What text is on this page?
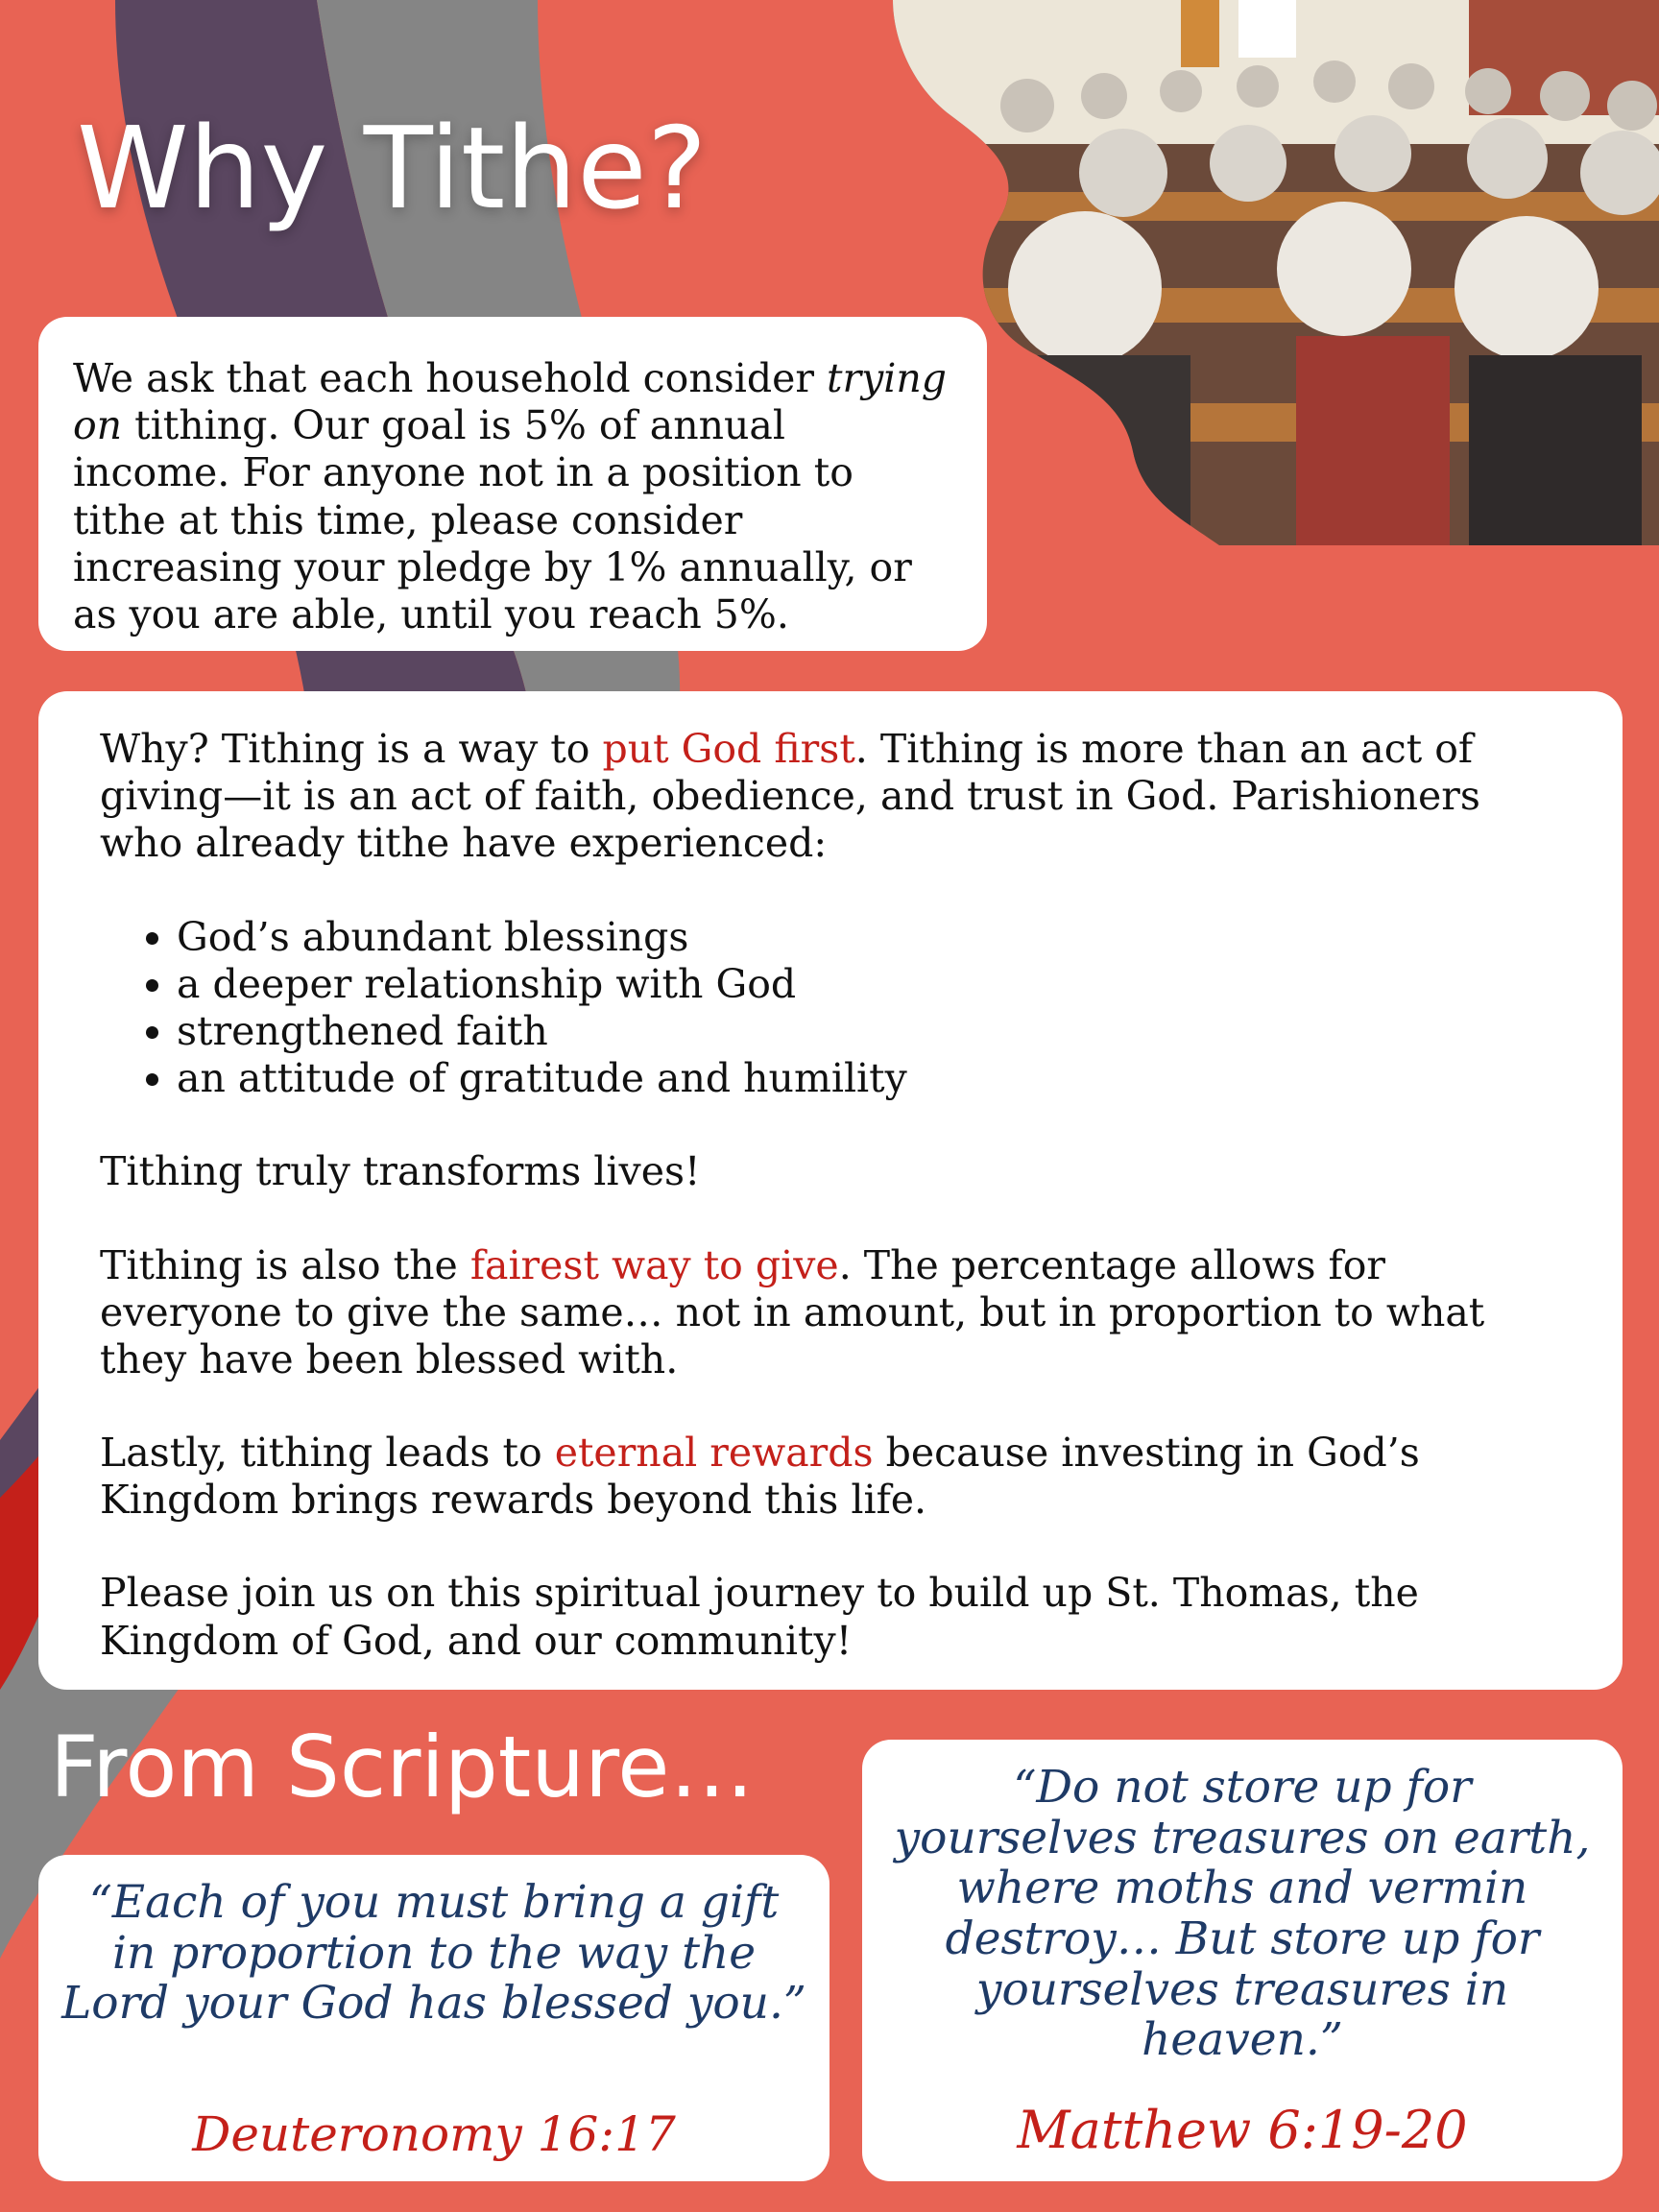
Why Tithe?
We ask that each household consider trying on tithing. Our goal is 5% of annual income. For anyone not in a position to tithe at this time, please consider increasing your pledge by 1% annually, or as you are able, until you reach 5%.

Why? Tithing is a way to put God first. Tithing is more than an act of giving—it is an act of faith, obedience, and trust in God. Parishioners who already tithe have experienced:

• God’s abundant blessings
• a deeper relationship with God
• strengthened faith
• an attitude of gratitude and humility

Tithing truly transforms lives!

Tithing is also the fairest way to give. The percentage allows for everyone to give the same… not in amount, but in proportion to what they have been blessed with.

Lastly, tithing leads to eternal rewards because investing in God’s Kingdom brings rewards beyond this life.

Please join us on this spiritual journey to build up St. Thomas, the Kingdom of God, and our community!

From Scripture…

“Each of you must bring a gift in proportion to the way the Lord your God has blessed you.”

Deuteronomy 16:17

“Do not store up for yourselves treasures on earth, where moths and vermin destroy… But store up for yourselves treasures in heaven.”

Matthew 6:19-20
